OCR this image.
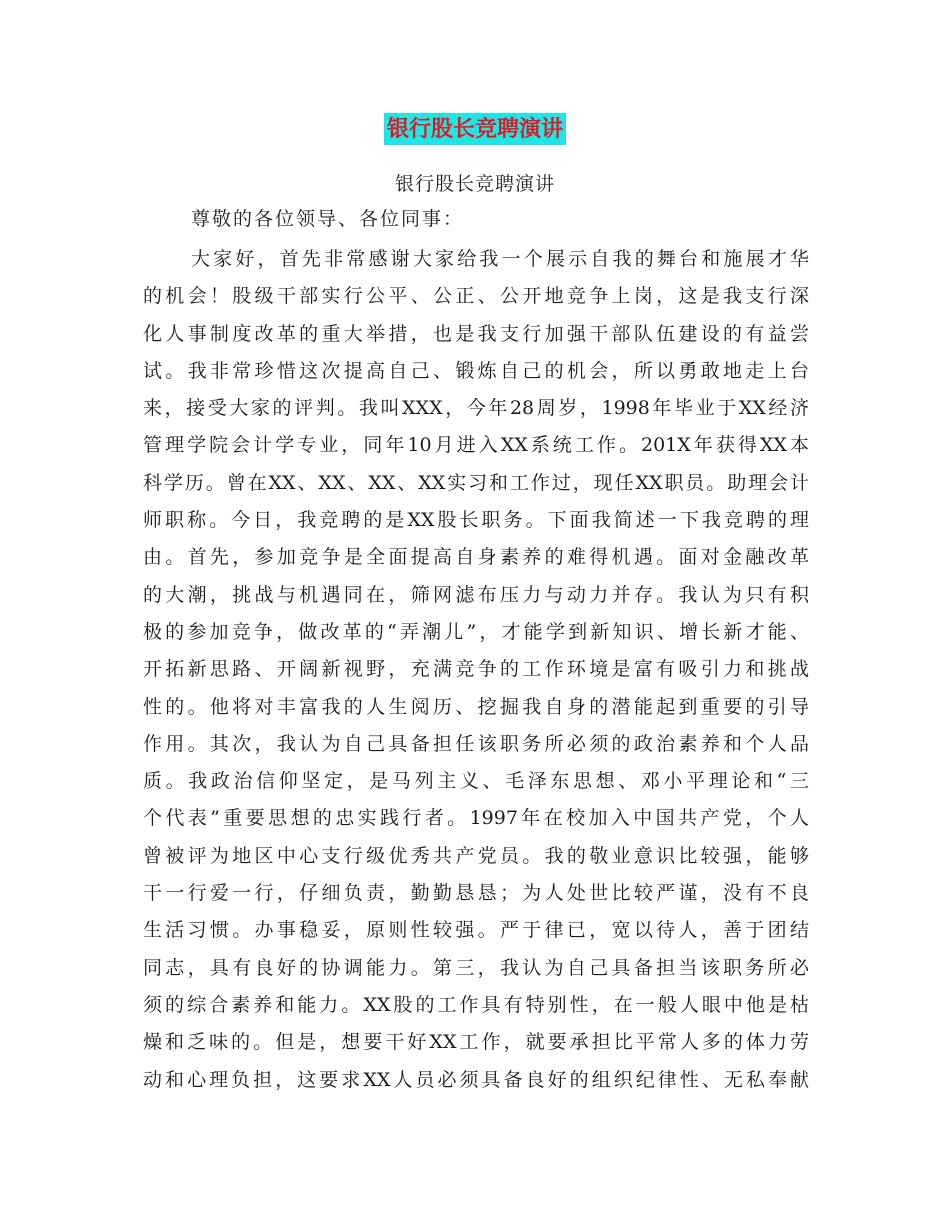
银行股长竞聘演讲
银行股长竞聘演讲
尊敬的各位领导、各位同事：
大家好，首先非常感谢大家给我一个展示自我的舞台和施展才华
的机会！股级干部实行公平、公正、公开地竞争上岗，这是我支行深
化人事制度改革的重大举措，也是我支行加强干部队伍建设的有益尝
试。我非常珍惜这次提高自己、锻炼自己的机会，所以勇敢地走上台
来，接受大家的评判。我叫XXX，今年28周岁，1998年毕业于XX经济
管理学院会计学专业，同年10月进入XX系统工作。201X年获得XX本
科学历。曾在XX、XX、XX、XX实习和工作过，现任XX职员。助理会计
师职称。今日，我竞聘的是XX股长职务。下面我简述一下我竞聘的理
由。首先，参加竞争是全面提高自身素养的难得机遇。面对金融改革
的大潮，挑战与机遇同在，筛网滤布压力与动力并存。我认为只有积
极的参加竞争，做改革的“弄潮儿”，才能学到新知识、增长新才能、
开拓新思路、开阔新视野，充满竞争的工作环境是富有吸引力和挑战
性的。他将对丰富我的人生阅历、挖掘我自身的潜能起到重要的引导
作用。其次，我认为自己具备担任该职务所必须的政治素养和个人品
质。我政治信仰坚定，是马列主义、毛泽东思想、邓小平理论和“三
个代表”重要思想的忠实践行者。1997年在校加入中国共产党，个人
曾被评为地区中心支行级优秀共产党员。我的敬业意识比较强，能够
干一行爱一行，仔细负责，勤勤恳恳；为人处世比较严谨，没有不良
生活习惯。办事稳妥，原则性较强。严于律已，宽以待人，善于团结
同志，具有良好的协调能力。第三，我认为自己具备担当该职务所必
须的综合素养和能力。XX股的工作具有特别性，在一般人眼中他是枯
燥和乏味的。但是，想要干好XX工作，就要承担比平常人多的体力劳
动和心理负担，这要求XX人员必须具备良好的组织纪律性、无私奉献
